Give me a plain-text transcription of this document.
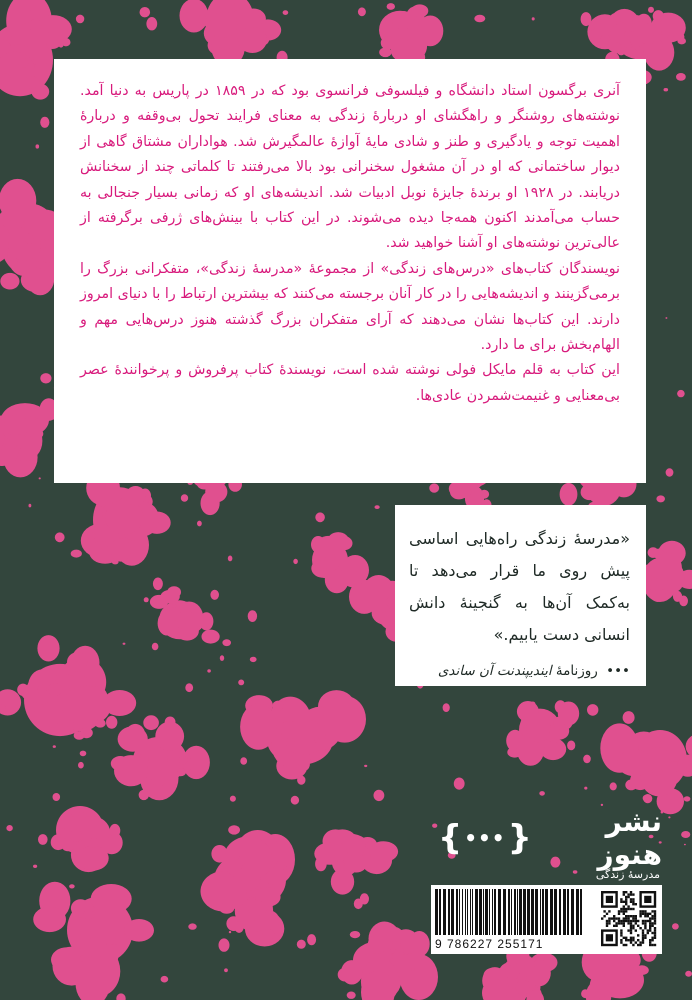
آنری برگسون استاد دانشگاه و فیلسوفی فرانسوی بود که در ۱۸۵۹ در پاریس به دنیا آمد. نوشته‌های روشنگر و راهگشای او دربارهٔ زندگی به معنای فرایند تحول بی‌وقفه و دربارهٔ اهمیت توجه و یادگیری و طنز و شادی مایهٔ آوازهٔ عالمگیرش شد. هواداران مشتاق گاهی از دیوار ساختمانی که او در آن مشغول سخنرانی بود بالا می‌رفتند تا کلماتی چند از سخنانش دریابند. در ۱۹۲۸ او برندهٔ جایزهٔ نوبل ادبیات شد. اندیشه‌های او که زمانی بسیار جنجالی به حساب می‌آمدند اکنون همه‌جا دیده می‌شوند. در این کتاب با بینش‌های ژرفی برگرفته از عالی‌ترین نوشته‌های او آشنا خواهید شد.

نویسندگان کتاب‌های «درس‌های زندگی» از مجموعهٔ «مدرسهٔ زندگی»، متفکرانی بزرگ را برمی‌گزینند و اندیشه‌هایی را در کار آنان برجسته می‌کنند که بیشترین ارتباط را با دنیای امروز دارند. این کتاب‌ها نشان می‌دهند که آرای متفکران بزرگ گذشته هنوز درس‌هایی مهم و الهام‌بخش برای ما دارد.

این کتاب به قلم مایکل فولی نوشته شده است، نویسندهٔ کتاب پرفروش و پرخوانندهٔ عصر بی‌معنایی و غنیمت‌شمردن عادی‌ها.

«مدرسهٔ زندگی راه‌هایی اساسی پیش روی ما قرار می‌دهد تا به‌کمک آن‌ها به گنجینهٔ دانش انسانی دست یابیم.»

••• روزنامهٔ ایندیپندنت آن ساندی

نشر هنوز
{ ••• }
مدرسهٔ زندگی
9 786227 255171
